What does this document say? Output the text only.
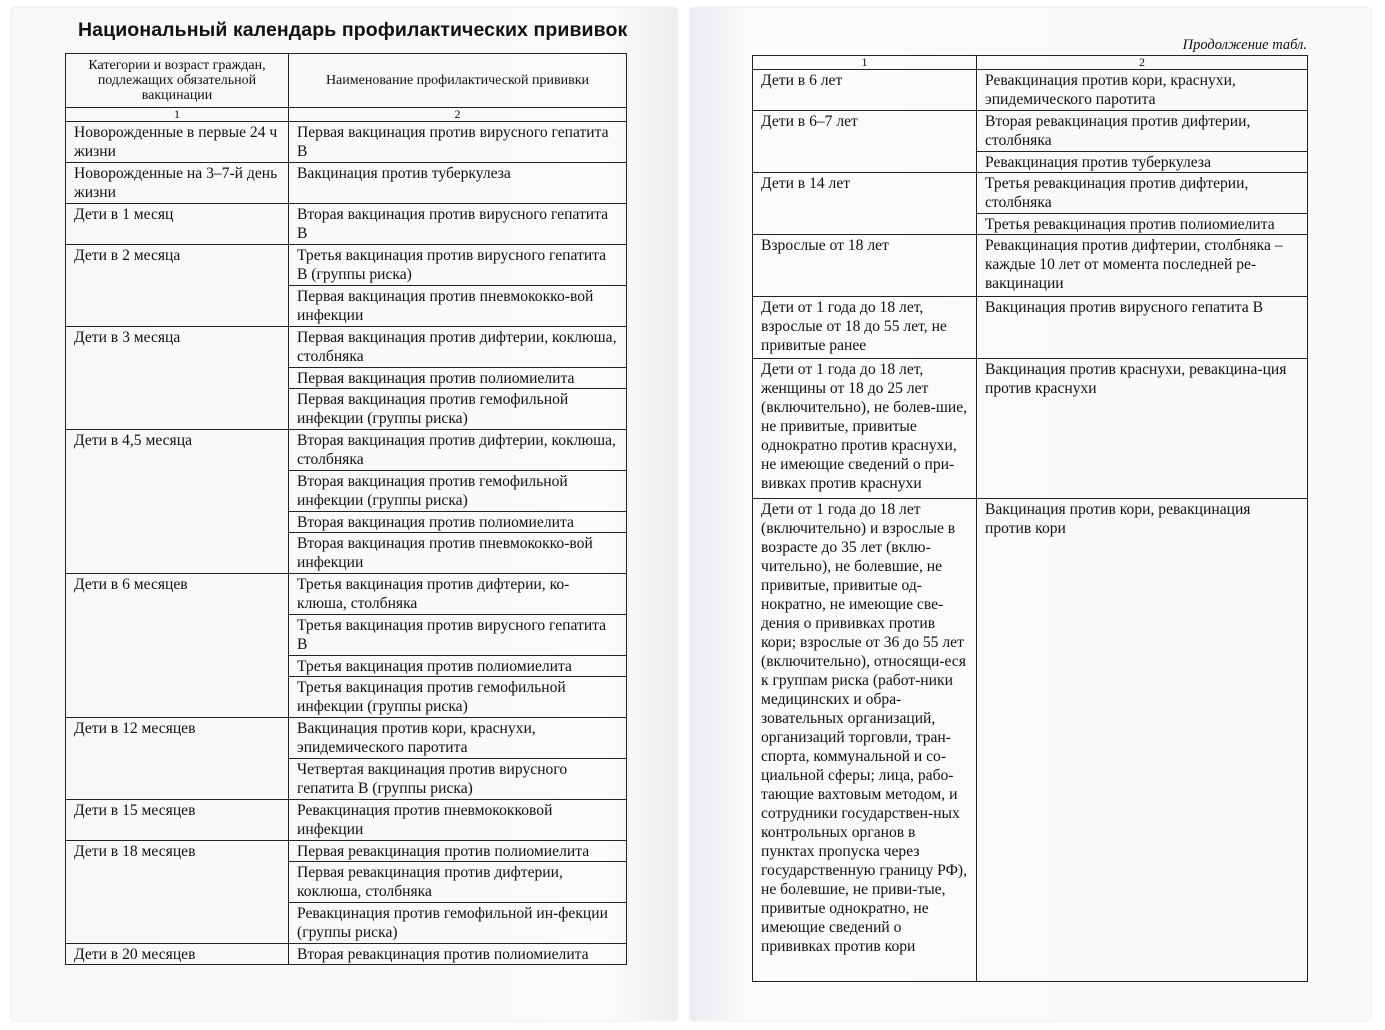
Национальный календарь профилактических прививок
Продолжение табл.
Категории и возраст граждан, подлежащих обязательной вакцинации	Наименование профилактической прививки
1	2
Новорожденные в первые 24 ч жизни	Первая вакцинация против вирусного гепатита В
Новорожденные на 3–7-й день жизни	Вакцинация против туберкулеза
Дети в 1 месяц	Вторая вакцинация против вирусного гепатита В
Дети в 2 месяца	Третья вакцинация против вирусного гепатита В (группы риска)
	Первая вакцинация против пневмококко-вой инфекции
Дети в 3 месяца	Первая вакцинация против дифтерии, коклюша, столбняка
	Первая вакцинация против полиомиелита
	Первая вакцинация против гемофильной инфекции (группы риска)
Дети в 4,5 месяца	Вторая вакцинация против дифтерии, коклюша, столбняка
	Вторая вакцинация против гемофильной инфекции (группы риска)
	Вторая вакцинация против полиомиелита
	Вторая вакцинация против пневмококко-вой инфекции
Дети в 6 месяцев	Третья вакцинация против дифтерии, ко-клюша, столбняка
	Третья вакцинация против вирусного гепатита В
	Третья вакцинация против полиомиелита
	Третья вакцинация против гемофильной инфекции (группы риска)
Дети в 12 месяцев	Вакцинация против кори, краснухи, эпидемического паротита
	Четвертая вакцинация против вирусного гепатита В (группы риска)
Дети в 15 месяцев	Ревакцинация против пневмококковой инфекции
Дети в 18 месяцев	Первая ревакцинация против полиомиелита
	Первая ревакцинация против дифтерии, коклюша, столбняка
	Ревакцинация против гемофильной ин-фекции (группы риска)
Дети в 20 месяцев	Вторая ревакцинация против полиомиелита
1	2
Дети в 6 лет	Ревакцинация против кори, краснухи, эпидемического паротита
Дети в 6–7 лет	Вторая ревакцинация против дифтерии, столбняка
	Ревакцинация против туберкулеза
Дети в 14 лет	Третья ревакцинация против дифтерии, столбняка
	Третья ревакцинация против полиомиелита
Взрослые от 18 лет	Ревакцинация против дифтерии, столбняка – каждые 10 лет от момента последней ре-вакцинации
Дети от 1 года до 18 лет, взрослые от 18 до 55 лет, не привитые ранее	Вакцинация против вирусного гепатита В
Дети от 1 года до 18 лет, женщины от 18 до 25 лет (включительно), не болев-шие, не привитые, привитые однократно против краснухи, не имеющие сведений о при-вивках против краснухи	Вакцинация против краснухи, ревакцина-ция против краснухи
Дети от 1 года до 18 лет (включительно) и взрослые в возрасте до 35 лет (вклю-чительно), не болевшие, не привитые, привитые од-нократно, не имеющие све-дения о прививках против кори; взрослые от 36 до 55 лет (включительно), относящи-еся к группам риска (работ-ники медицинских и обра-зовательных организаций, организаций торговли, тран-спорта, коммунальной и со-циальной сферы; лица, рабо-тающие вахтовым методом, и сотрудники государствен-ных контрольных органов в пунктах пропуска через государственную границу РФ), не болевшие, не приви-тые, привитые однократно, не имеющие сведений о прививках против кори	Вакцинация против кори, ревакцинация против кори
